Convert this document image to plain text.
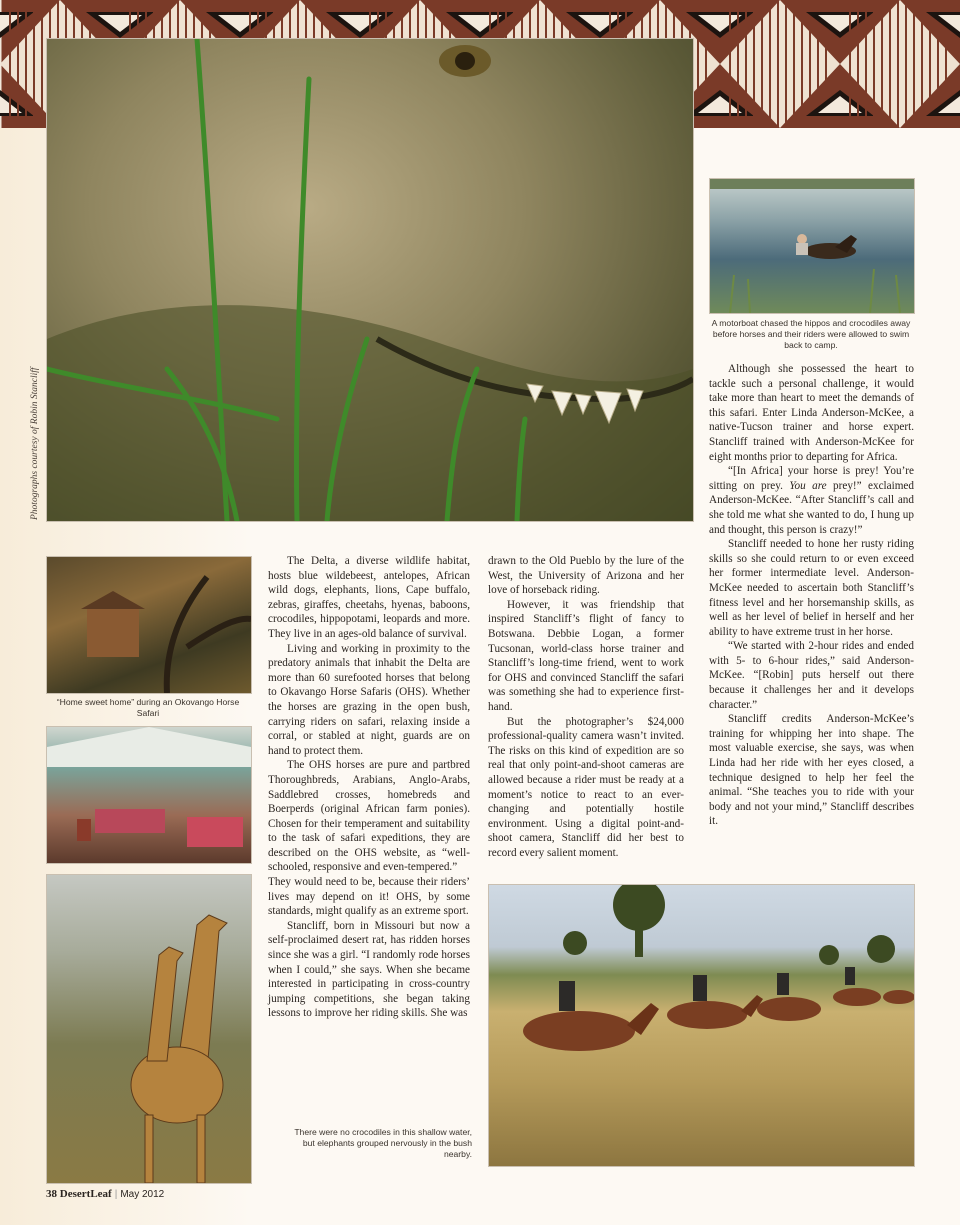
Photographs courtesy of Robin Stancliff
A motorboat chased the hippos and crocodiles away before horses and their riders were allowed to swim back to camp.
“Home sweet home” during an Okovango Horse Safari
There were no crocodiles in this shallow water, but elephants grouped nervously in the bush nearby.

The Delta, a diverse wildlife habitat, hosts blue wildebeest, antelopes, African wild dogs, elephants, lions, Cape buffalo, zebras, giraffes, cheetahs, hyenas, baboons, crocodiles, hippopotami, leopards and more. They live in an ages-old balance of survival.

Living and working in proximity to the predatory animals that inhabit the Delta are more than 60 surefooted horses that belong to Okavango Horse Safaris (OHS). Whether the horses are grazing in the open bush, carrying riders on safari, relaxing inside a corral, or stabled at night, guards are on hand to protect them.

The OHS horses are pure and partbred Thoroughbreds, Arabians, Anglo-Arabs, Saddlebred crosses, homebreds and Boerperds (original African farm ponies). Chosen for their temperament and suitability to the task of safari expeditions, they are described on the OHS website, as “well-schooled, responsive and even-tempered.”

They would need to be, because their riders’ lives may depend on it! OHS, by some standards, might qualify as an extreme sport.

Stancliff, born in Missouri but now a self-proclaimed desert rat, has ridden horses since she was a girl. “I randomly rode horses when I could,” she says. When she became interested in participating in cross-country jumping competitions, she began taking lessons to improve her riding skills. She was

drawn to the Old Pueblo by the lure of the West, the University of Arizona and her love of horseback riding.

However, it was friendship that inspired Stancliff’s flight of fancy to Botswana. Debbie Logan, a former Tucsonan, world-class horse trainer and Stancliff’s long-time friend, went to work for OHS and convinced Stancliff the safari was something she had to experience first-hand.

But the photographer’s $24,000 professional-quality camera wasn’t invited. The risks on this kind of expedition are so real that only point-and-shoot cameras are allowed because a rider must be ready at a moment’s notice to react to an ever-changing and potentially hostile environment. Using a digital point-and-shoot camera, Stancliff did her best to record every salient moment.

Although she possessed the heart to tackle such a personal challenge, it would take more than heart to meet the demands of this safari. Enter Linda Anderson-McKee, a native-Tucson trainer and horse expert. Stancliff trained with Anderson-McKee for eight months prior to departing for Africa.

“[In Africa] your horse is prey! You’re sitting on prey. You are prey!” exclaimed Anderson-McKee. “After Stancliff’s call and she told me what she wanted to do, I hung up and thought, this person is crazy!”

Stancliff needed to hone her rusty riding skills so she could return to or even exceed her former intermediate level. Anderson-McKee needed to ascertain both Stancliff’s fitness level and her horsemanship skills, as well as her level of belief in herself and her ability to have extreme trust in her horse.

“We started with 2-hour rides and ended with 5- to 6-hour rides,” said Anderson-McKee. “[Robin] puts herself out there because it challenges her and it develops character.”

Stancliff credits Anderson-McKee’s training for whipping her into shape. The most valuable exercise, she says, was when Linda had her ride with her eyes closed, a technique designed to help her feel the animal. “She teaches you to ride with your body and not your mind,” Stancliff describes it.

38 DesertLeaf | May 2012
